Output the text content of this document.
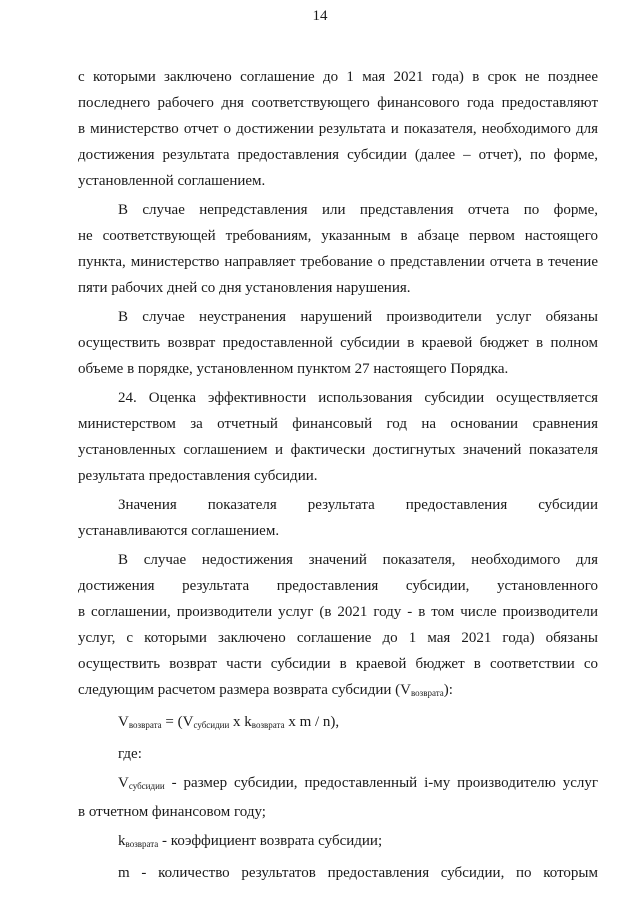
14
с которыми заключено соглашение до 1 мая 2021 года) в срок не позднее
последнего рабочего дня соответствующего финансового года предоставляют
в министерство отчет о достижении результата и показателя, необходимого для
достижения результата предоставления субсидии (далее – отчет), по форме,
установленной соглашением.
В случае непредставления или представления отчета по форме,
не соответствующей требованиям, указанным в абзаце первом настоящего
пункта, министерство направляет требование о представлении отчета в течение
пяти рабочих дней со дня установления нарушения.
В случае неустранения нарушений производители услуг обязаны
осуществить возврат предоставленной субсидии в краевой бюджет в полном
объеме в порядке, установленном пунктом 27 настоящего Порядка.
24. Оценка эффективности использования субсидии осуществляется
министерством за отчетный финансовый год на основании сравнения
установленных соглашением и фактически достигнутых значений показателя
результата предоставления субсидии.
Значения показателя результата предоставления субсидии
устанавливаются соглашением.
В случае недостижения значений показателя, необходимого для
достижения результата предоставления субсидии, установленного
в соглашении, производители услуг (в 2021 году - в том числе производители
услуг, с которыми заключено соглашение до 1 мая 2021 года) обязаны
осуществить возврат части субсидии в краевой бюджет в соответствии со
следующим расчетом размера возврата субсидии $(V_{возврата})$:
$V_{возврата} = (V_{субсидии}$ x $k_{возврата}$ x m / n),
где:
$V_{субсидии}$ - размер субсидии, предоставленный i-му производителю услуг
в отчетном финансовом году;
$k_{возврата}$ - коэффициент возврата субсидии;
m - количество результатов предоставления субсидии, по которым
